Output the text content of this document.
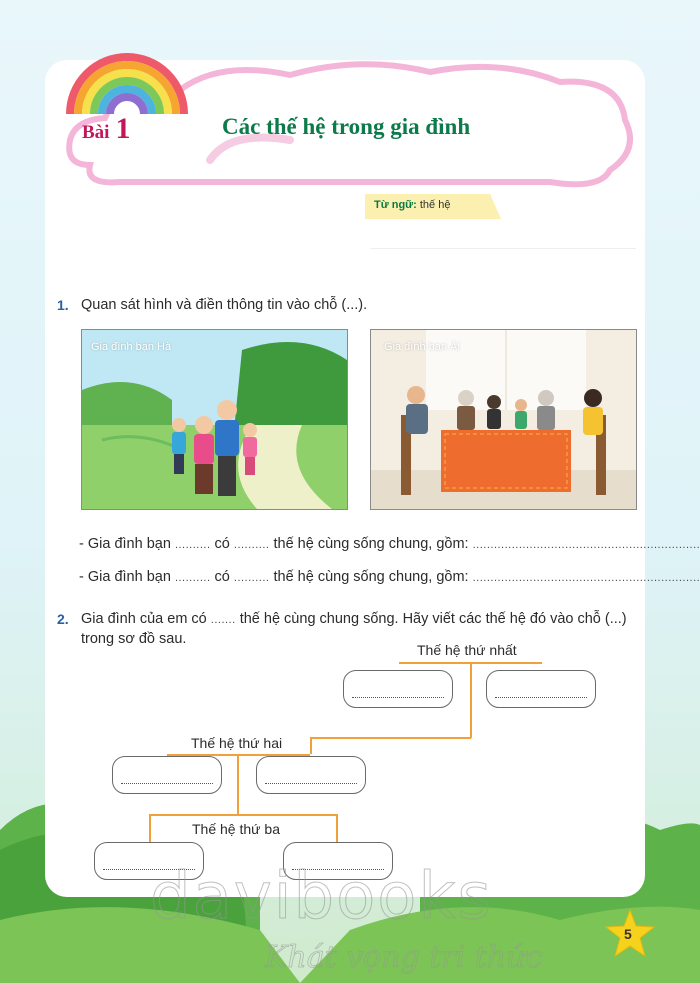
Bài 1	Các thế hệ trong gia đình
Từ ngữ: thế hệ
1. Quan sát hình và điền thông tin vào chỗ (...).
Gia đình bạn Hà	Gia đình bạn Ái
- Gia đình bạn .......... có .......... thế hệ cùng sống chung, gồm: ................................................................
- Gia đình bạn .......... có .......... thế hệ cùng sống chung, gồm: ................................................................
2. Gia đình của em có ....... thế hệ cùng chung sống. Hãy viết các thế hệ đó vào chỗ (...)
trong sơ đồ sau.
Thế hệ thứ nhất
Thế hệ thứ hai
Thế hệ thứ ba
davibooks
Khát vọng tri thức
5
